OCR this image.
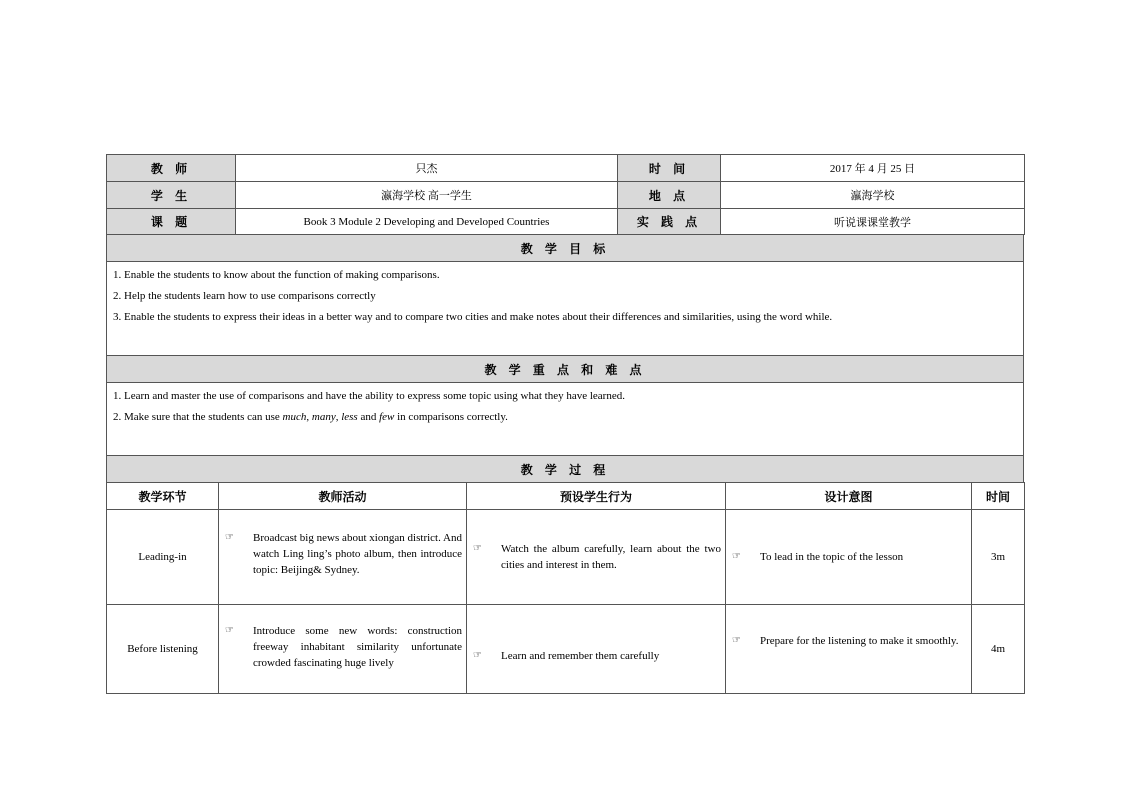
教 师	只杰	时 间	2017 年 4 月 25 日
学 生	瀛海学校 高一学生	地 点	瀛海学校
课 题	Book 3 Module 2 Developing and Developed Countries	实 践 点	听说课课堂教学
教 学 目 标

1. Enable the students to know about the function of making comparisons.

2. Help the students learn how to use comparisons correctly

3. Enable the students to express their ideas in a better way and to compare two cities and make notes about their differences and similarities, using the word while.

教 学 重 点 和 难 点

1. Learn and master the use of comparisons and have the ability to express some topic using what they have learned.

2. Make sure that the students can use much, many, less and few in comparisons correctly.

教 学 过 程
教学环节	教师活动	预设学生行为	设计意图	时间
Leading-in	☞ Broadcast big news about xiongan district. And watch Ling ling’s photo album, then introduce topic: Beijing& Sydney.	☞ Watch the album carefully, learn about the two cities and interest in them.	☞ To lead in the topic of the lesson	3m
Before listening	☞ Introduce some new words: construction freeway inhabitant similarity unfortunate crowded fascinating huge lively	☞ Learn and remember them carefully	☞ Prepare for the listening to make it smoothly.	4m
